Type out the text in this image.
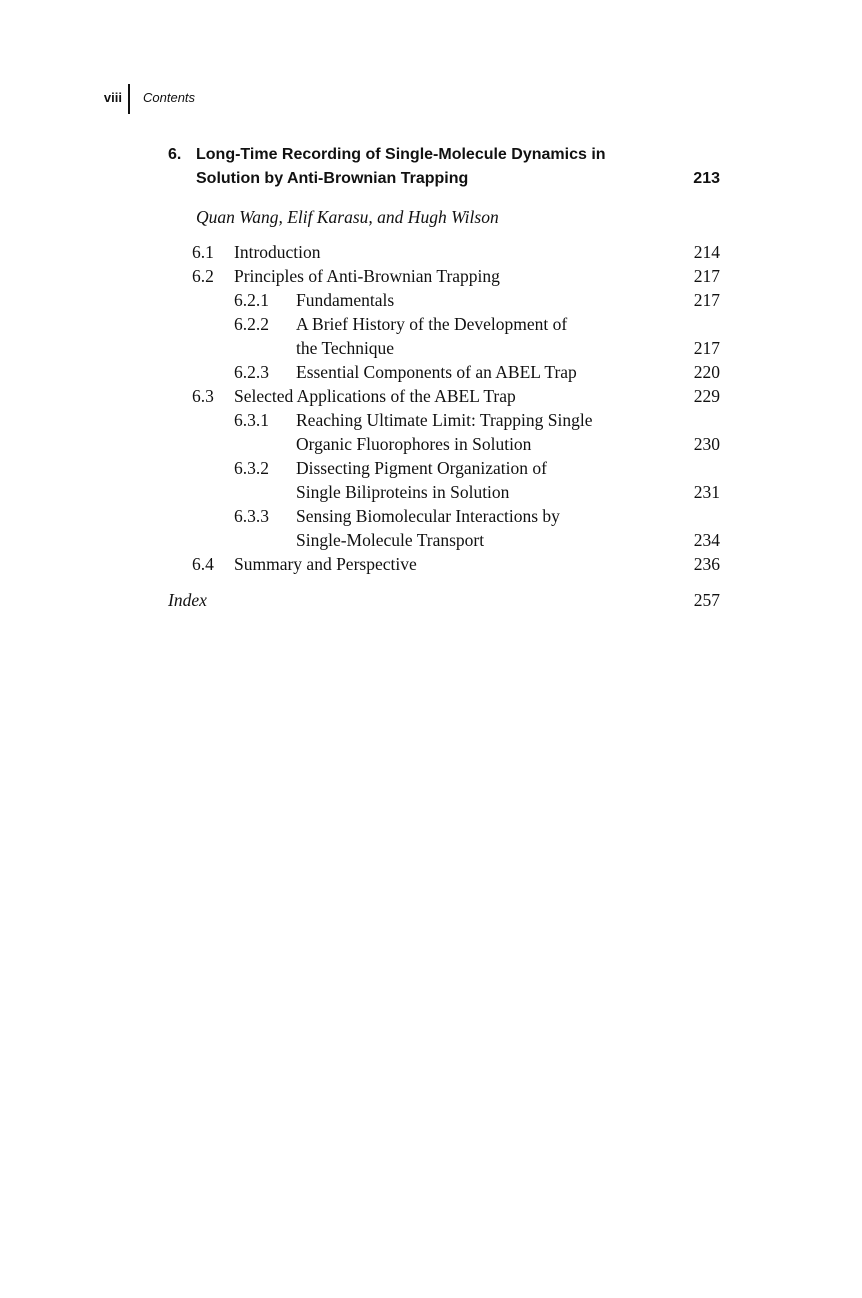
viii Contents
6. Long-Time Recording of Single-Molecule Dynamics in
Solution by Anti-Brownian Trapping	213
Quan Wang, Elif Karasu, and Hugh Wilson
6.1 Introduction	214
6.2 Principles of Anti-Brownian Trapping	217
6.2.1 Fundamentals	217
6.2.2 A Brief History of the Development of
the Technique	217
6.2.3 Essential Components of an ABEL Trap	220
6.3 Selected Applications of the ABEL Trap	229
6.3.1 Reaching Ultimate Limit: Trapping Single
Organic Fluorophores in Solution	230
6.3.2 Dissecting Pigment Organization of
Single Biliproteins in Solution	231
6.3.3 Sensing Biomolecular Interactions by
Single-Molecule Transport	234
6.4 Summary and Perspective	236
Index	257
